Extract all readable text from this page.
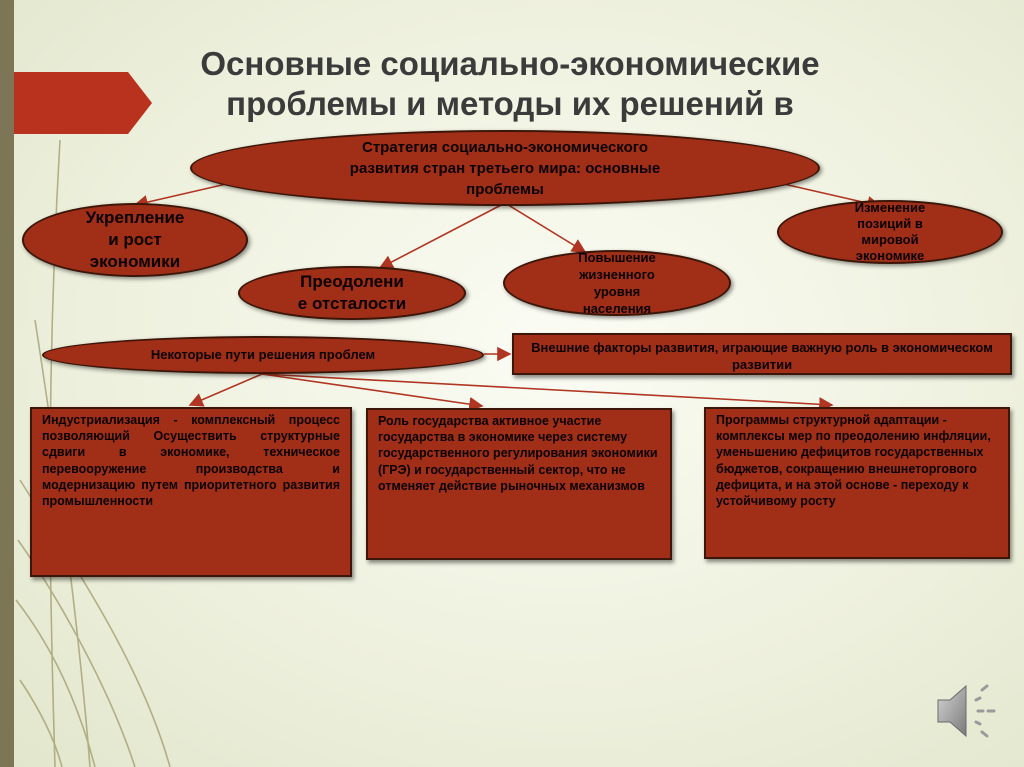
Основные социально-экономические проблемы и методы их решений в
Стратегия социально-экономического развития стран третьего мира: основные проблемы
Укрепление и рост экономики
Преодолени е отсталости
Повышение жизненного уровня населения
Изменение позиций в мировой экономике
Некоторые пути решения проблем	Внешние факторы развития, играющие важную роль в экономическом развитии
Индустриализация - комплексный процесс позволяющий Осуществить структурные сдвиги в экономике, техническое перевооружение производства и модернизацию путем приоритетного развития промышленности
Роль государства активное участие государства в экономике через систему государственного регулирования экономики (ГРЭ) и государственный сектор, что не отменяет действие рыночных механизмов
Программы структурной адаптации - комплексы мер по преодолению инфляции, уменьшению дефицитов государственных бюджетов, сокращению внешнеторгового дефицита, и на этой основе - переходу к устойчивому росту
